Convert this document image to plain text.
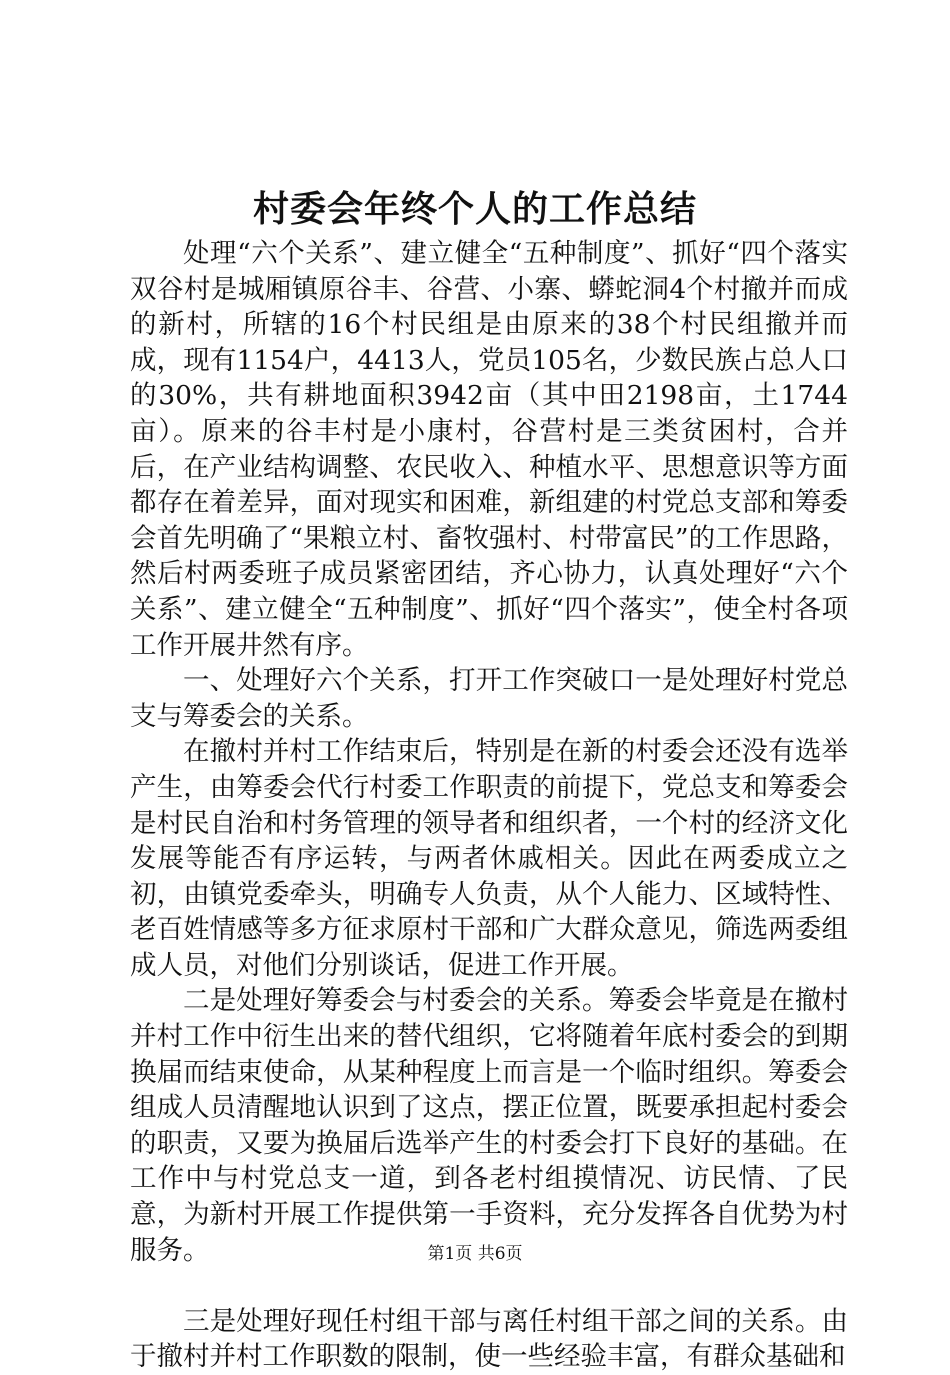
村委会年终个人的工作总结

处理“六个关系”、建立健全“五种制度”、抓好“四个落实双谷村是城厢镇原谷丰、谷营、小寨、蟒蛇洞4个村撤并而成的新村，所辖的16个村民组是由原来的38个村民组撤并而成，现有1154户，4413人，党员105名，少数民族占总人口的30%，共有耕地面积3942亩（其中田2198亩，土1744亩）。原来的谷丰村是小康村，谷营村是三类贫困村，合并后，在产业结构调整、农民收入、种植水平、思想意识等方面都存在着差异，面对现实和困难，新组建的村党总支部和筹委会首先明确了“果粮立村、畜牧强村、村带富民”的工作思路，然后村两委班子成员紧密团结，齐心协力，认真处理好“六个关系”、建立健全“五种制度”、抓好“四个落实”，使全村各项工作开展井然有序。

一、处理好六个关系，打开工作突破口一是处理好村党总支与筹委会的关系。

在撤村并村工作结束后，特别是在新的村委会还没有选举产生，由筹委会代行村委工作职责的前提下，党总支和筹委会是村民自治和村务管理的领导者和组织者，一个村的经济文化发展等能否有序运转，与两者休戚相关。因此在两委成立之初，由镇党委牵头，明确专人负责，从个人能力、区域特性、老百姓情感等多方征求原村干部和广大群众意见，筛选两委组成人员，对他们分别谈话，促进工作开展。

二是处理好筹委会与村委会的关系。筹委会毕竟是在撤村并村工作中衍生出来的替代组织，它将随着年底村委会的到期换届而结束使命，从某种程度上而言是一个临时组织。筹委会组成人员清醒地认识到了这点，摆正位置，既要承担起村委会的职责，又要为换届后选举产生的村委会打下良好的基础。在工作中与村党总支一道，到各老村组摸情况、访民情、了民意，为新村开展工作提供第一手资料，充分发挥各自优势为村服务。

三是处理好现任村组干部与离任村组干部之间的关系。由于撤村并村工作职数的限制，使一些经验丰富，有群众基础和

第1页 共6页
